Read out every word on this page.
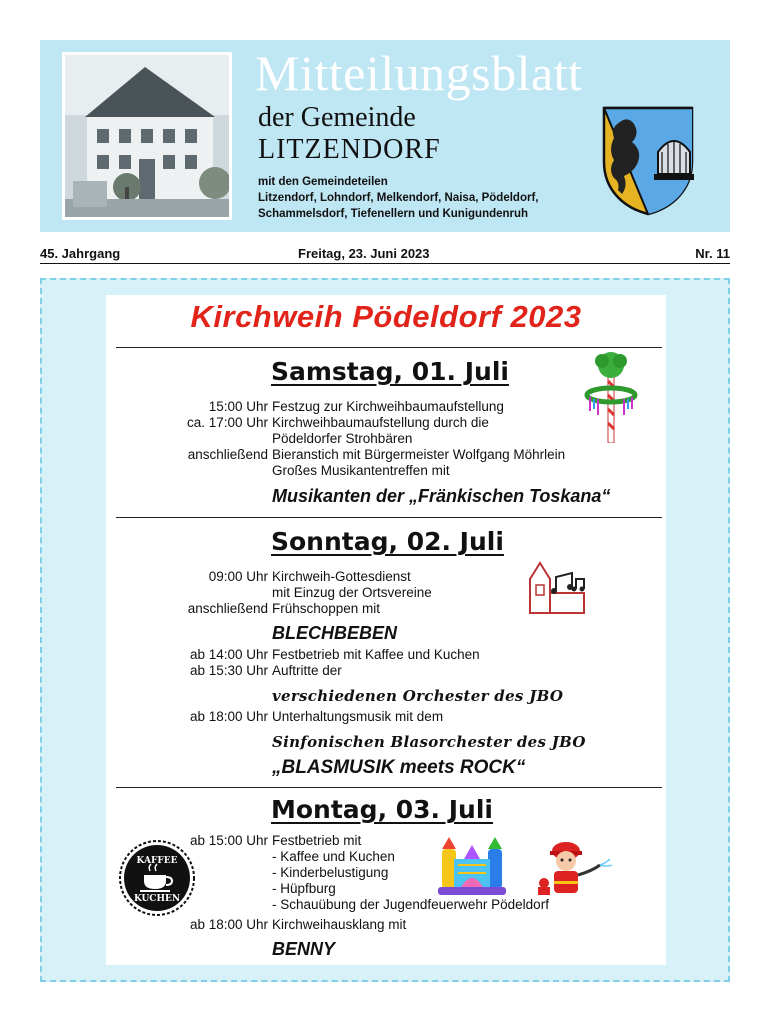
Mitteilungsblatt
der Gemeinde
LITZENDORF
mit den Gemeindeteilen
Litzendorf, Lohndorf, Melkendorf, Naisa, Pödeldorf,
Schammelsdorf, Tiefenellern und Kunigundenruh
45. Jahrgang	Freitag, 23. Juni 2023	Nr. 11
Kirchweih Pödeldorf 2023
Samstag, 01. Juli
15:00 Uhr Festzug zur Kirchweihbaumaufstellung
ca. 17:00 Uhr Kirchweihbaumaufstellung durch die
Pödeldorfer Strohbären
anschließend Bieranstich mit Bürgermeister Wolfgang Möhrlein
Großes Musikantentreffen mit
Musikanten der „Fränkischen Toskana“
Sonntag, 02. Juli
09:00 Uhr Kirchweih-Gottesdienst
mit Einzug der Ortsvereine
anschließend Frühschoppen mit
BLECHBEBEN
ab 14:00 Uhr Festbetrieb mit Kaffee und Kuchen
ab 15:30 Uhr Auftritte der
verschiedenen Orchester des JBO
ab 18:00 Uhr Unterhaltungsmusik mit dem
Sinfonischen Blasorchester des JBO
„BLASMUSIK meets ROCK“
Montag, 03. Juli
ab 15:00 Uhr Festbetrieb mit
- Kaffee und Kuchen
- Kinderbelustigung
- Hüpfburg
- Schauübung der Jugendfeuerwehr Pödeldorf
ab 18:00 Uhr Kirchweihausklang mit
BENNY
KAFFEE
KUCHEN
